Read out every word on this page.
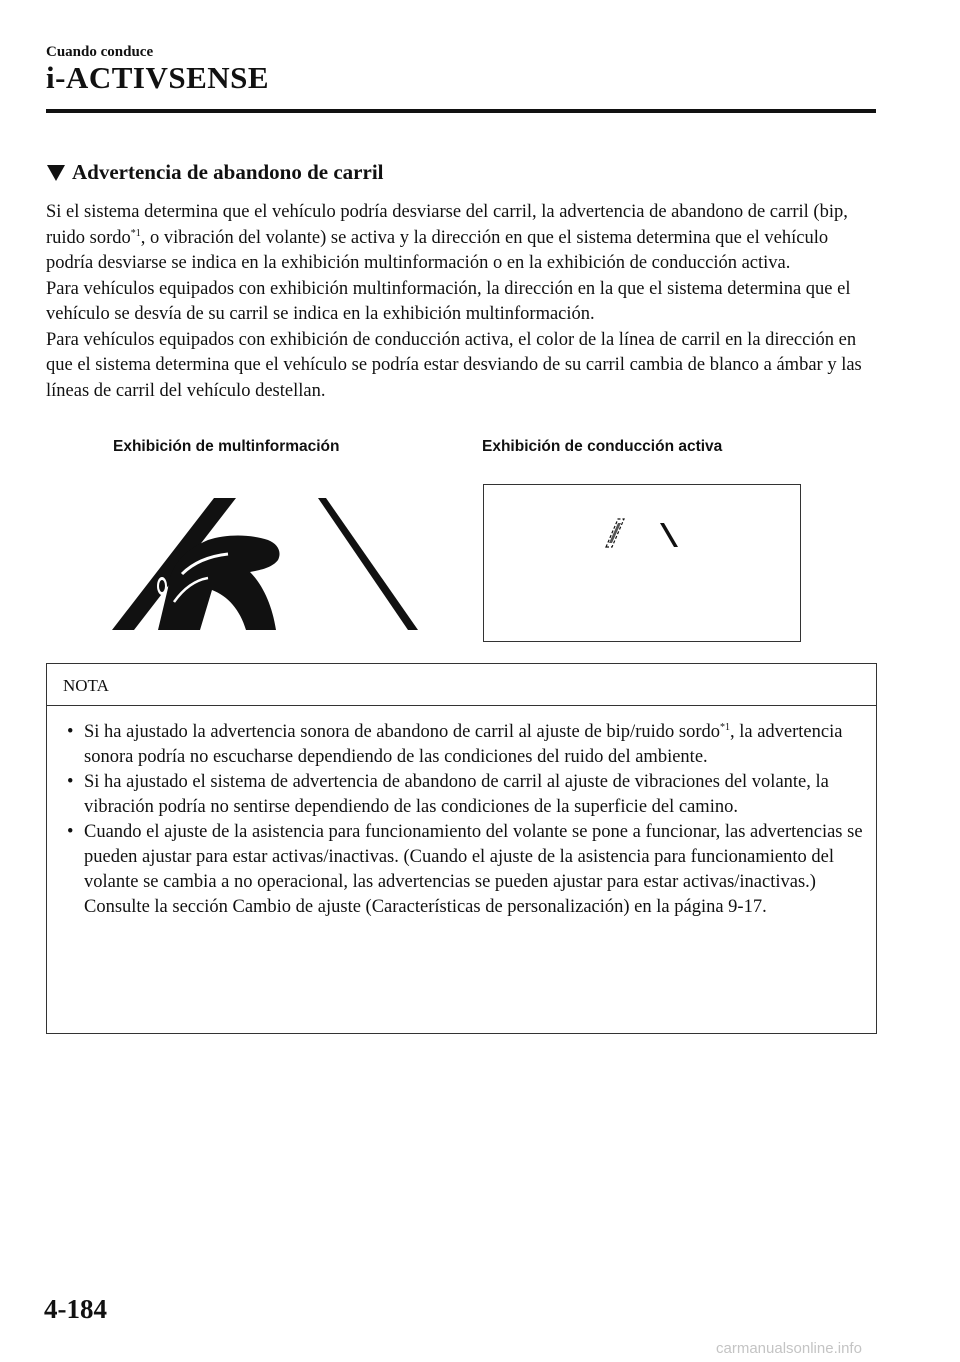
Cuando conduce
i-ACTIVSENSE
Advertencia de abandono de carril

Si el sistema determina que el vehículo podría desviarse del carril, la advertencia de abandono de carril (bip, ruido sordo$^{*1}$, o vibración del volante) se activa y la dirección en que el sistema determina que el vehículo podría desviarse se indica en la exhibición multinformación o en la exhibición de conducción activa.

Para vehículos equipados con exhibición multinformación, la dirección en la que el sistema determina que el vehículo se desvía de su carril se indica en la exhibición multinformación.

Para vehículos equipados con exhibición de conducción activa, el color de la línea de carril en la dirección en que el sistema determina que el vehículo se podría estar desviando de su carril cambia de blanco a ámbar y las líneas de carril del vehículo destellan.

Exhibición de multinformación	Exhibición de conducción activa
NOTA
• Si ha ajustado la advertencia sonora de abandono de carril al ajuste de bip/ruido sordo$^{*1}$, la advertencia sonora podría no escucharse dependiendo de las condiciones del ruido del ambiente.
• Si ha ajustado el sistema de advertencia de abandono de carril al ajuste de vibraciones del volante, la vibración podría no sentirse dependiendo de las condiciones de la superficie del camino.
• Cuando el ajuste de la asistencia para funcionamiento del volante se pone a funcionar, las advertencias se pueden ajustar para estar activas/inactivas. (Cuando el ajuste de la asistencia para funcionamiento del volante se cambia a no operacional, las advertencias se pueden ajustar para estar activas/inactivas.)
Consulte la sección Cambio de ajuste (Características de personalización) en la página 9-17.
4-184
carmanualsonline.info
